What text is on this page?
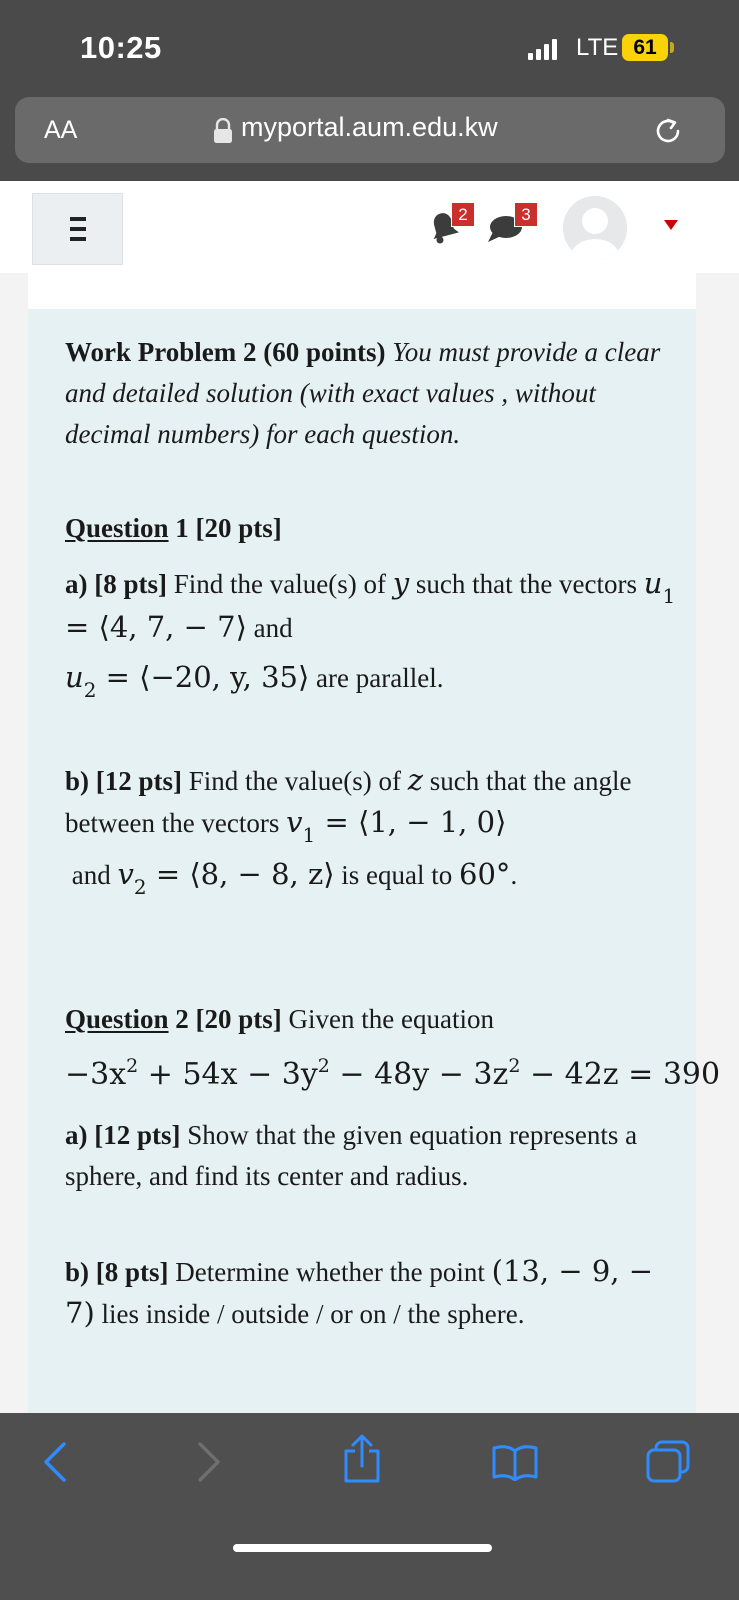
10:25	LTE 61
AA	myportal.aum.edu.kw
2	3

Work Problem 2 (60 points) You must provide a clear and detailed solution (with exact values , without decimal numbers) for each question.

Question 1 [20 pts]

a) [8 pts] Find the value(s) of y such that the vectors $u_1$ = ⟨4, 7, − 7⟩ and
$u_2$ = ⟨−20, y, 35⟩ are parallel.
b) [12 pts] Find the value(s) of z such that the angle between the vectors $v_1$ = ⟨1, − 1, 0⟩
and $v_2$ = ⟨8, − 8, z⟩ is equal to 60°.

Question 2 [20 pts] Given the equation

$-3x^2 + 54x - 3y^2 - 48y - 3z^2 - 42z = 390$

a) [12 pts] Show that the given equation represents a sphere, and find its center and radius.

b) [8 pts] Determine whether the point (13, − 9, − 7) lies inside / outside / or on / the sphere.
